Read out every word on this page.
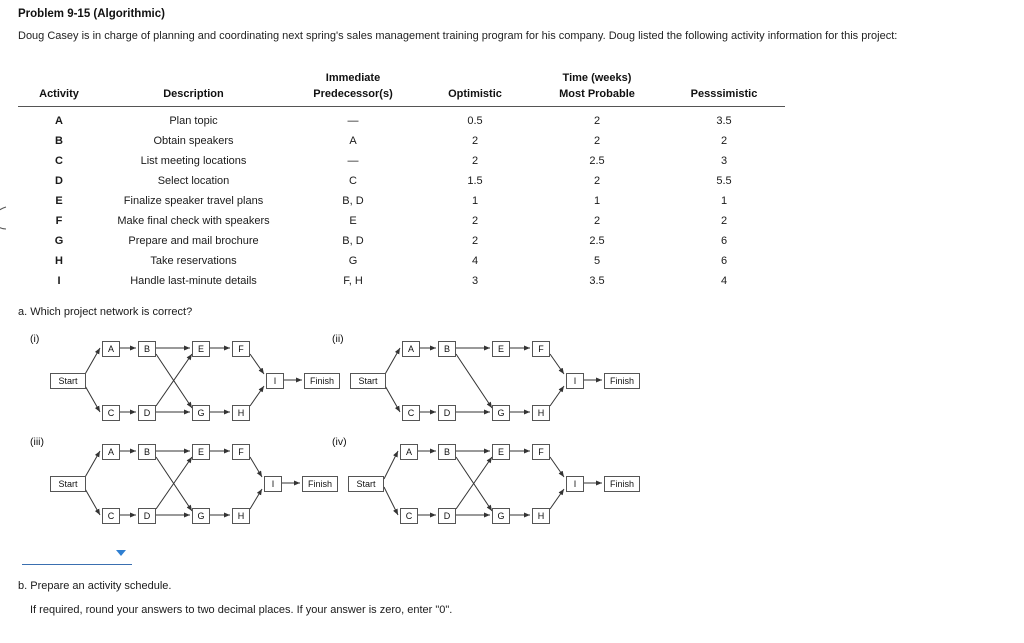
Problem 9-15 (Algorithmic)
Doug Casey is in charge of planning and coordinating next spring's sales management training program for his company. Doug listed the following activity information for this project:
		Immediate		Time (weeks)	
Activity	Description	Predecessor(s)	Optimistic	Most Probable	Pesssimistic
A	Plan topic	—	0.5	2	3.5
B	Obtain speakers	A	2	2	2
C	List meeting locations	—	2	2.5	3
D	Select location	C	1.5	2	5.5
E	Finalize speaker travel plans	B, D	1	1	1
F	Make final check with speakers	E	2	2	2
G	Prepare and mail brochure	B, D	2	2.5	6
H	Take reservations	G	4	5	6
I	Handle last-minute details	F, H	3	3.5	4
a. Which project network is correct?
(i)
Start
A	B	E	F
C	D	G	H
I	Finish
(ii)
Start
A	B	E	F
C	D	G	H
I	Finish
(iii)
Start
A	B	E	F
C	D	G	H
I	Finish
(iv)
Start
A	B	E	F
C	D	G	H
I	Finish
b. Prepare an activity schedule.
If required, round your answers to two decimal places. If your answer is zero, enter "0".
